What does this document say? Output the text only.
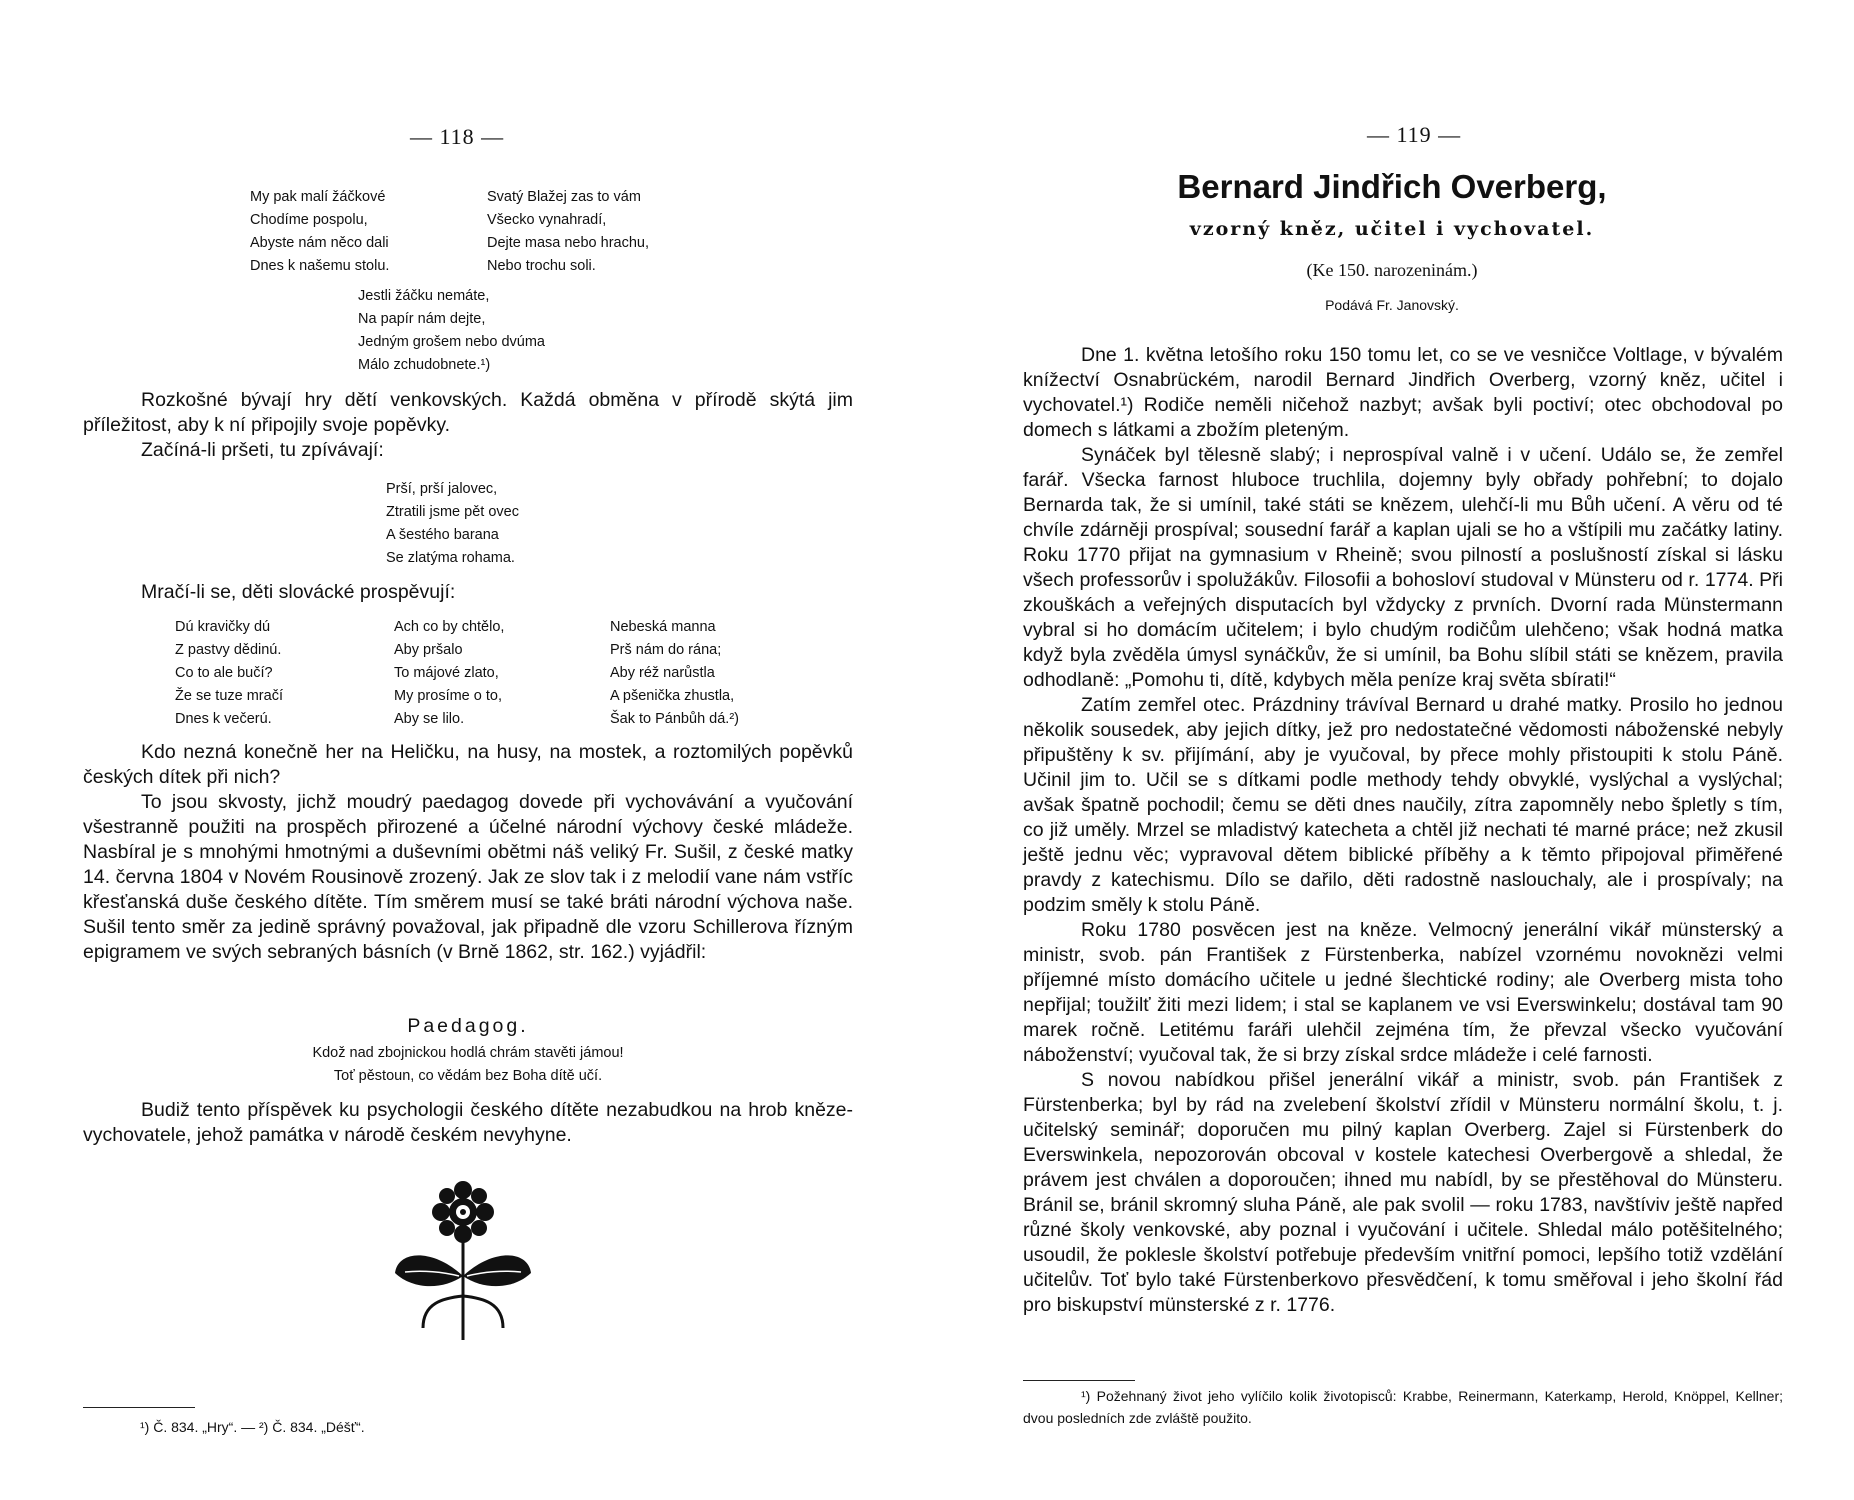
— 118 —

My pak malí žáčkové

Chodíme pospolu,

Abyste nám něco dali

Dnes k našemu stolu.

Svatý Blažej zas to vám

Všecko vynahradí,

Dejte masa nebo hrachu,

Nebo trochu soli.

Jestli žáčku nemáte,

Na papír nám dejte,

Jedným grošem nebo dvúma

Málo zchudobnete.¹)

Rozkošné bývají hry dětí venkovských. Každá obměna v přírodě skýtá jim příležitost, aby k ní připojily svoje popěvky.

Začíná-li pršeti, tu zpívávají:

Prší, prší jalovec,

Ztratili jsme pět ovec

A šestého barana

Se zlatýma rohama.

Mračí-li se, děti slovácké prospěvují:

Dú kravičky dú

Z pastvy dědinú.

Co to ale bučí?

Že se tuze mračí

Dnes k večerú.

Ach co by chtělo,

Aby pršalo

To májové zlato,

My prosíme o to,

Aby se lilo.

Nebeská manna

Prš nám do rána;

Aby réž narůstla

A pšenička zhustla,

Šak to Pánbůh dá.²)

Kdo nezná konečně her na Heličku, na husy, na mostek, a roztomilých popěvků českých dítek při nich?

To jsou skvosty, jichž moudrý paedagog dovede při vychovávání a vyučování všestranně použiti na prospěch přirozené a účelné národní výchovy české mládeže. Nasbíral je s mnohými hmotnými a duševními obětmi náš veliký Fr. Sušil, z české matky 14. června 1804 v Novém Rousinově zrozený. Jak ze slov tak i z melodií vane nám vstříc křesťanská duše českého dítěte. Tím směrem musí se také bráti národní výchova naše. Sušil tento směr za jedině správný považoval, jak připadně dle vzoru Schillerova řízným epigramem ve svých sebraných básních (v Brně 1862, str. 162.) vyjádřil:

Paedagog.

Kdož nad zbojnickou hodlá chrám stavěti jámou!

Toť pěstoun, co vědám bez Boha dítě učí.

Budiž tento příspěvek ku psychologii českého dítěte nezabudkou na hrob kněze-vychovatele, jehož památka v národě českém nevyhyne.

¹) Č. 834. „Hry“. — ²) Č. 834. „Déšť“.
— 119 —
Bernard Jindřich Overberg,
vzorný kněz, učitel i vychovatel.
(Ke 150. narozeninám.)
Podává Fr. Janovský.

Dne 1. května letošího roku 150 tomu let, co se ve vesničce Voltlage, v bývalém knížectví Osnabrückém, narodil Bernard Jindřich Overberg, vzorný kněz, učitel i vychovatel.¹) Rodiče neměli ničehož nazbyt; avšak byli poctiví; otec obchodoval po domech s látkami a zbožím pleteným.

Synáček byl tělesně slabý; i neprospíval valně i v učení. Událo se, že zemřel farář. Všecka farnost hluboce truchlila, dojemny byly obřady pohřební; to dojalo Bernarda tak, že si umínil, také státi se knězem, ulehčí-li mu Bůh učení. A věru od té chvíle zdárněji prospíval; sousední farář a kaplan ujali se ho a vštípili mu začátky latiny. Roku 1770 přijat na gymnasium v Rheině; svou pilností a poslušností získal si lásku všech professorův i spolužákův. Filosofii a bohosloví studoval v Münsteru od r. 1774. Při zkouškách a veřejných disputacích byl vždycky z prvních. Dvorní rada Münstermann vybral si ho domácím učitelem; i bylo chudým rodičům ulehčeno; však hodná matka když byla zvěděla úmysl synáčkův, že si umínil, ba Bohu slíbil státi se knězem, pravila odhodlaně: „Pomohu ti, dítě, kdybych měla peníze kraj světa sbírati!“

Zatím zemřel otec. Prázdniny trávíval Bernard u drahé matky. Prosilo ho jednou několik sousedek, aby jejich dítky, jež pro nedostatečné vědomosti náboženské nebyly připuštěny k sv. přijímání, aby je vyučoval, by přece mohly přistoupiti k stolu Páně. Učinil jim to. Učil se s dítkami podle methody tehdy obvyklé, vyslýchal a vyslýchal; avšak špatně pochodil; čemu se děti dnes naučily, zítra zapomněly nebo špletly s tím, co již uměly. Mrzel se mladistvý katecheta a chtěl již nechati té marné práce; než zkusil ještě jednu věc; vypravoval dětem biblické příběhy a k těmto připojoval přiměřené pravdy z katechismu. Dílo se dařilo, děti radostně naslouchaly, ale i prospívaly; na podzim směly k stolu Páně.

Roku 1780 posvěcen jest na kněze. Velmocný jenerální vikář münsterský a ministr, svob. pán František z Fürstenberka, nabízel vzornému novoknězi velmi příjemné místo domácího učitele u jedné šlechtické rodiny; ale Overberg mista toho nepřijal; toužilť žiti mezi lidem; i stal se kaplanem ve vsi Everswinkelu; dostával tam 90 marek ročně. Letitému faráři ulehčil zejména tím, že převzal všecko vyučování náboženství; vyučoval tak, že si brzy získal srdce mládeže i celé farnosti.

S novou nabídkou přišel jenerální vikář a ministr, svob. pán František z Fürstenberka; byl by rád na zvelebení školství zřídil v Münsteru normální školu, t. j. učitelský seminář; doporučen mu pilný kaplan Overberg. Zajel si Fürstenberk do Everswinkela, nepozorován obcoval v kostele katechesi Overbergově a shledal, že právem jest chválen a doporoučen; ihned mu nabídl, by se přestěhoval do Münsteru. Bránil se, bránil skromný sluha Páně, ale pak svolil — roku 1783, navštíviv ještě napřed různé školy venkovské, aby poznal i vyučování i učitele. Shledal málo potěšitelného; usoudil, že poklesle školství potřebuje především vnitřní pomoci, lepšího totiž vzdělání učitelův. Toť bylo také Fürstenberkovo přesvědčení, k tomu směřoval i jeho školní řád pro biskupství münsterské z r. 1776.

¹) Požehnaný život jeho vylíčilo kolik životopisců: Krabbe, Reinermann, Katerkamp, Herold, Knöppel, Kellner; dvou posledních zde zvláště použito.
